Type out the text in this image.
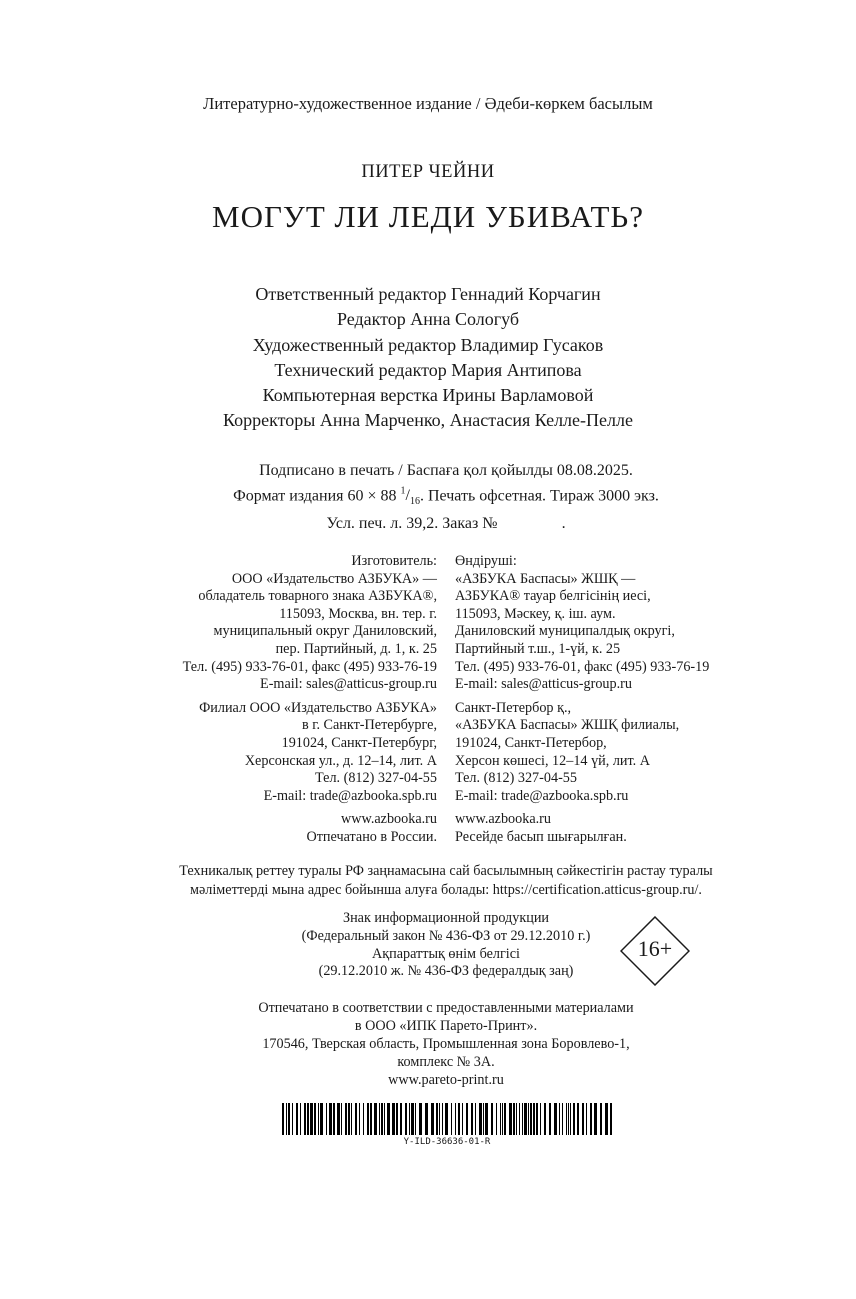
Литературно-художественное издание / Әдеби-көркем басылым
ПИТЕР ЧЕЙНИ
МОГУТ ЛИ ЛЕДИ УБИВАТЬ?
Ответственный редактор Геннадий Корчагин
Редактор Анна Сологуб
Художественный редактор Владимир Гусаков
Технический редактор Мария Антипова
Компьютерная верстка Ирины Варламовой
Корректоры Анна Марченко, Анастасия Келле-Пелле
Подписано в печать / Баспаға қол қойылды 08.08.2025.
Формат издания 60 × 88 $^1/_{16}$. Печать офсетная. Тираж 3000 экз.
Усл. печ. л. 39,2. Заказ №                .
Изготовитель:
ООО «Издательство АЗБУКА» —
обладатель товарного знака АЗБУКА®,
115093, Москва, вн. тер. г.
муниципальный округ Даниловский,
пер. Партийный, д. 1, к. 25
Тел. (495) 933-76-01, факс (495) 933-76-19
E-mail: sales@atticus-group.ru
Филиал ООО «Издательство АЗБУКА»
в г. Санкт-Петербурге,
191024, Санкт-Петербург,
Херсонская ул., д. 12–14, лит. А
Тел. (812) 327-04-55
E-mail: trade@azbooka.spb.ru
www.azbooka.ru
Отпечатано в России.
Өндіруші:
«АЗБУКА Баспасы» ЖШҚ —
АЗБУКА® тауар белгісінің иесі,
115093, Мәскеу, қ. іш. аум.
Даниловский муниципалдық округі,
Партийный т.ш., 1-үй, к. 25
Тел. (495) 933-76-01, факс (495) 933-76-19
E-mail: sales@atticus-group.ru
Санкт-Петербор қ.,
«АЗБУКА Баспасы» ЖШҚ филиалы,
191024, Санкт-Петербор,
Херсон көшесі, 12–14 үй, лит. А
Тел. (812) 327-04-55
E-mail: trade@azbooka.spb.ru
www.azbooka.ru
Ресейде басып шығарылған.
Техникалық реттеу туралы РФ заңнамасына сай басылымның сәйкестігін растау туралы
мәліметтерді мына адрес бойынша алуға болады: https://certification.atticus-group.ru/.
Знак информационной продукции
(Федеральный закон № 436-ФЗ от 29.12.2010 г.)
Ақпараттық өнім белгісі
(29.12.2010 ж. № 436-ФЗ федералдық заң)
16+
Отпечатано в соответствии с предоставленными материалами
в ООО «ИПК Парето-Принт».
170546, Тверская область, Промышленная зона Боровлево-1,
комплекс № 3А.
www.pareto-print.ru
Y-ILD-36636-01-R
